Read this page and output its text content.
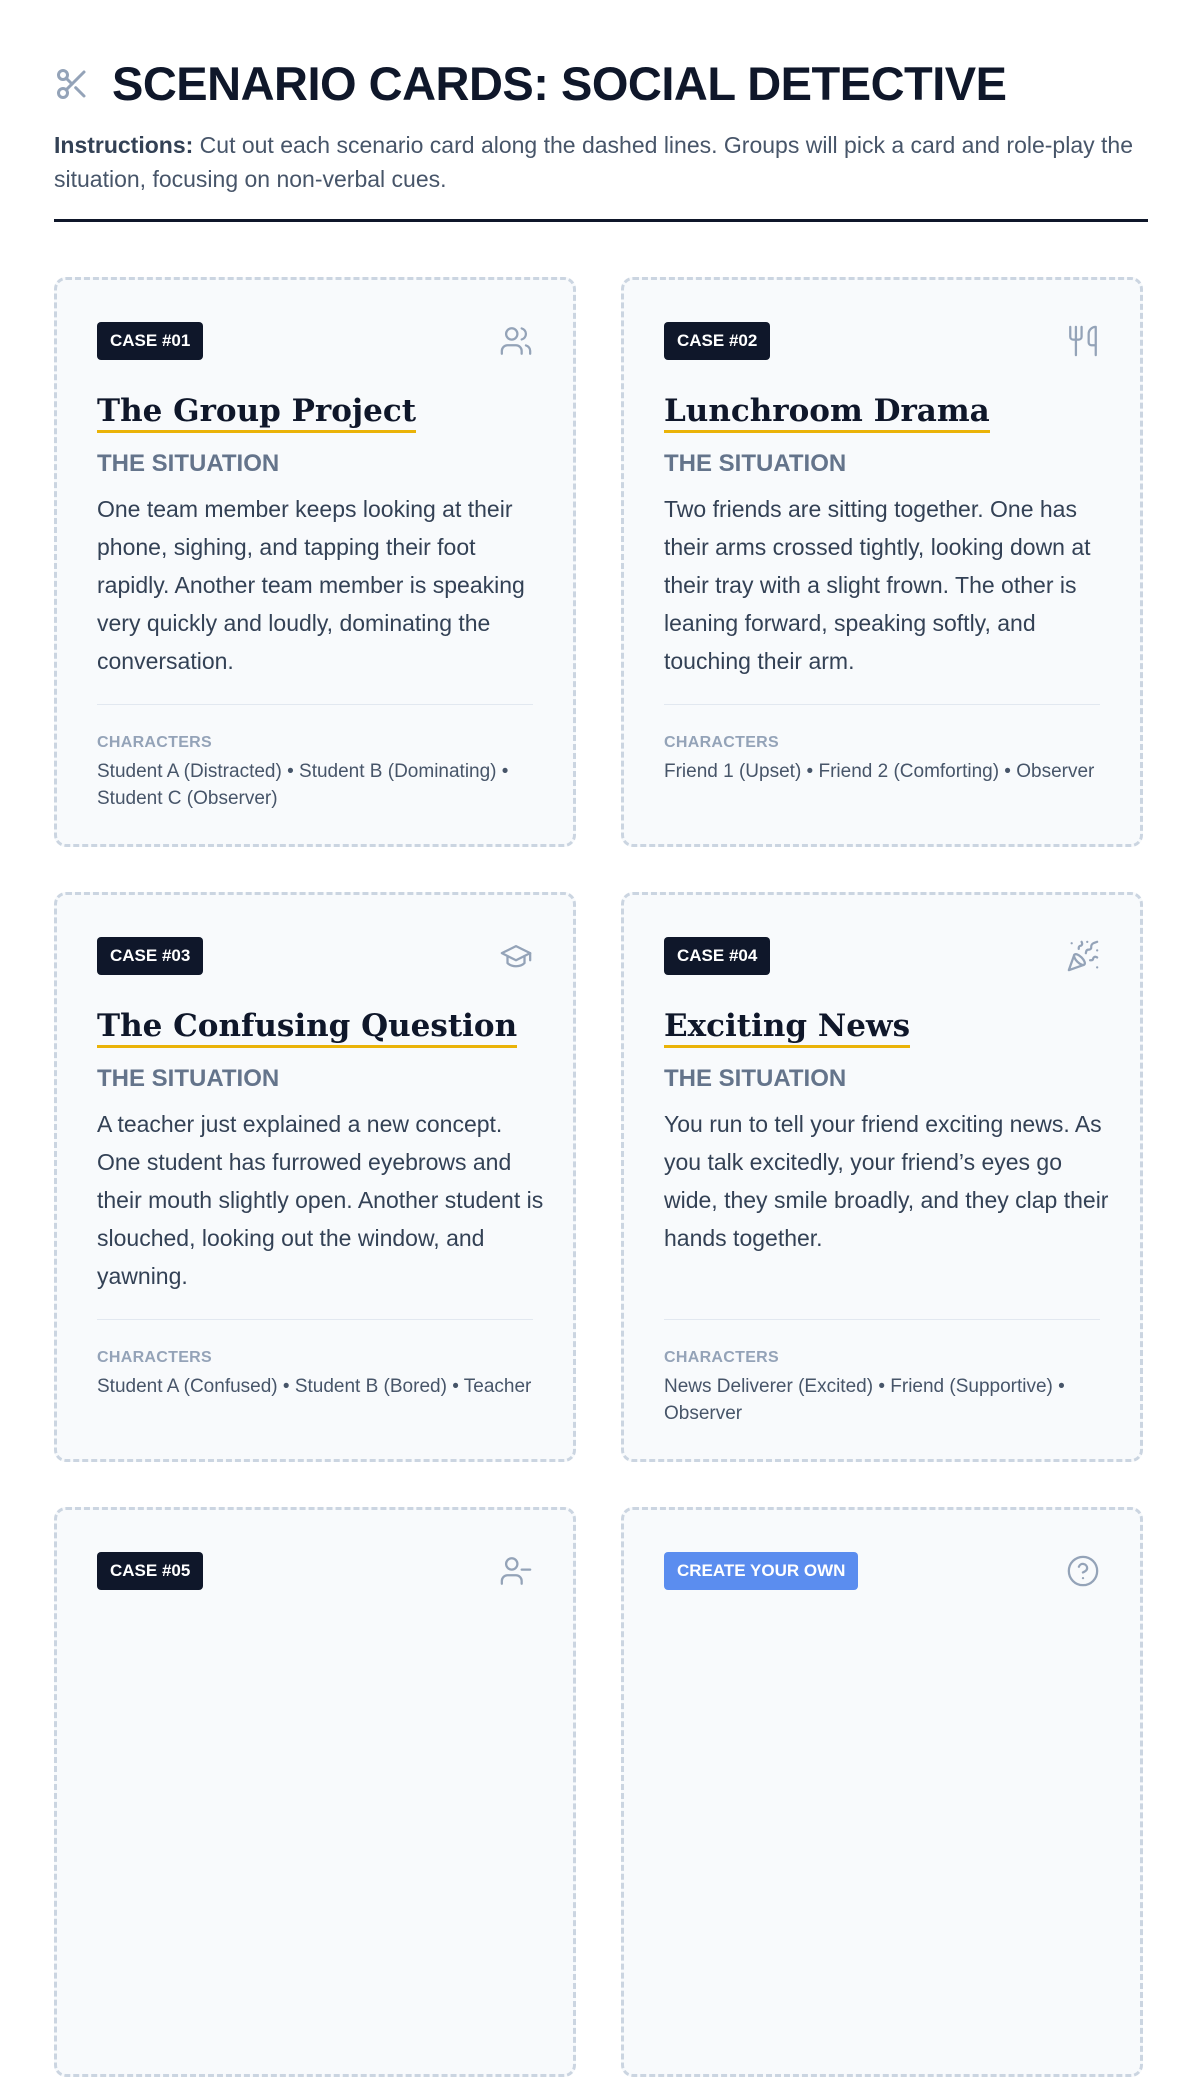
SCENARIO CARDS: SOCIAL DETECTIVE
Instructions: Cut out each scenario card along the dashed lines. Groups will pick a card and role-play the situation, focusing on non-verbal cues.
CASE #01
The Group Project
THE SITUATION
One team member keeps looking at their phone, sighing, and tapping their foot rapidly. Another team member is speaking very quickly and loudly, dominating the conversation.
CHARACTERS
Student A (Distracted) • Student B (Dominating) • Student C (Observer)
CASE #02
Lunchroom Drama
THE SITUATION
Two friends are sitting together. One has their arms crossed tightly, looking down at their tray with a slight frown. The other is leaning forward, speaking softly, and touching their arm.
CHARACTERS
Friend 1 (Upset) • Friend 2 (Comforting) • Observer
CASE #03
The Confusing Question
THE SITUATION
A teacher just explained a new concept. One student has furrowed eyebrows and their mouth slightly open. Another student is slouched, looking out the window, and yawning.
CHARACTERS
Student A (Confused) • Student B (Bored) • Teacher
CASE #04
Exciting News
THE SITUATION
You run to tell your friend exciting news. As you talk excitedly, your friend’s eyes go wide, they smile broadly, and they clap their hands together.
CHARACTERS
News Deliverer (Excited) • Friend (Supportive) • Observer
CASE #05	CREATE YOUR OWN
